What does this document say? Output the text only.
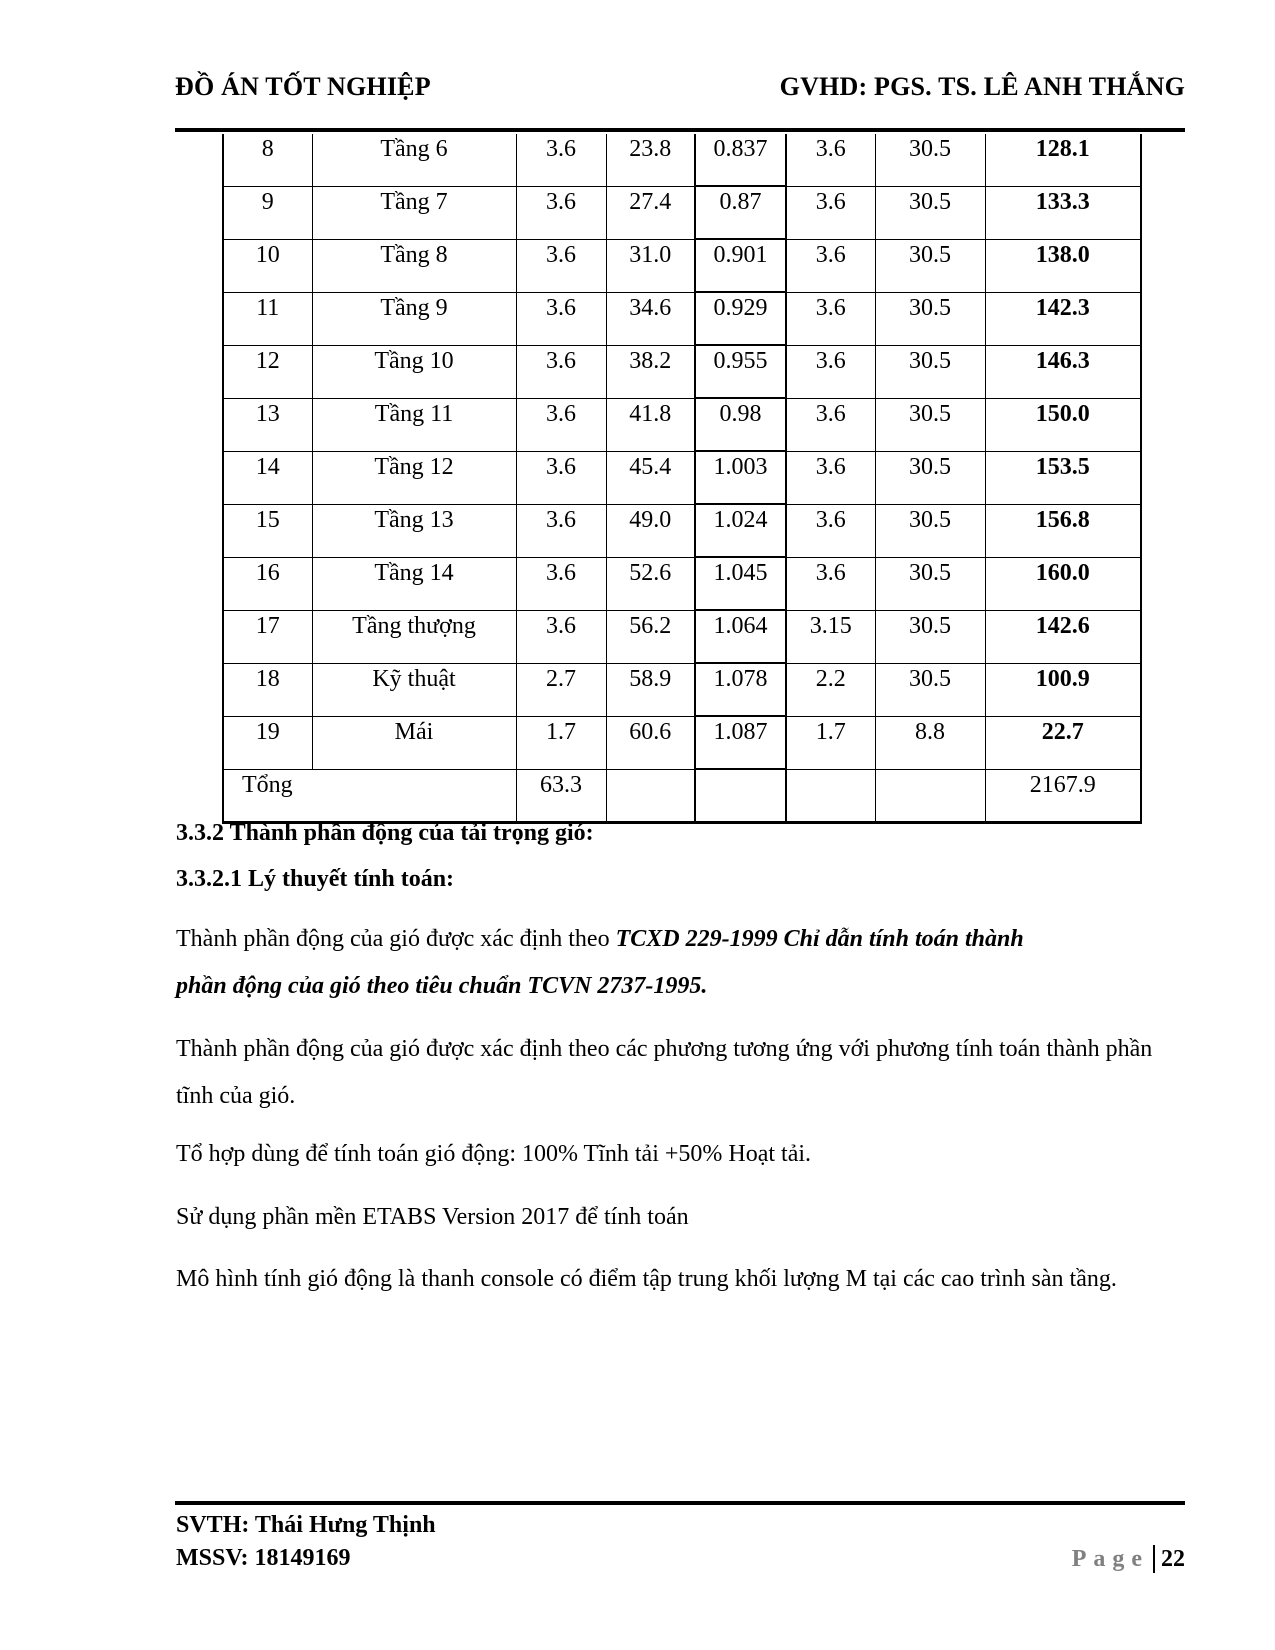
ĐỒ ÁN TỐT NGHIỆP	GVHD: PGS. TS. LÊ ANH THẮNG
8	Tầng 6	3.6	23.8	0.837	3.6	30.5	128.1
9	Tầng 7	3.6	27.4	0.87	3.6	30.5	133.3
10	Tầng 8	3.6	31.0	0.901	3.6	30.5	138.0
11	Tầng 9	3.6	34.6	0.929	3.6	30.5	142.3
12	Tầng 10	3.6	38.2	0.955	3.6	30.5	146.3
13	Tầng 11	3.6	41.8	0.98	3.6	30.5	150.0
14	Tầng 12	3.6	45.4	1.003	3.6	30.5	153.5
15	Tầng 13	3.6	49.0	1.024	3.6	30.5	156.8
16	Tầng 14	3.6	52.6	1.045	3.6	30.5	160.0
17	Tầng thượng	3.6	56.2	1.064	3.15	30.5	142.6
18	Kỹ thuật	2.7	58.9	1.078	2.2	30.5	100.9
19	Mái	1.7	60.6	1.087	1.7	8.8	22.7
Tổng		63.3					2167.9
3.3.2 Thành phần động của tải trọng gió:
3.3.2.1 Lý thuyết tính toán:
Thành phần động của gió được xác định theo TCXD 229-1999 Chỉ dẫn tính toán thành
phần động của gió theo tiêu chuẩn TCVN 2737-1995.
Thành phần động của gió được xác định theo các phương tương ứng với phương tính toán thành phần tĩnh của gió.
Tổ hợp dùng để tính toán gió động: 100% Tĩnh tải +50% Hoạt tải.
Sử dụng phần mền ETABS Version 2017 để tính toán
Mô hình tính gió động là thanh console có điểm tập trung khối lượng M tại các cao trình sàn tầng.
SVTH: Thái Hưng Thịnh
MSSV: 18149169	Page 22
